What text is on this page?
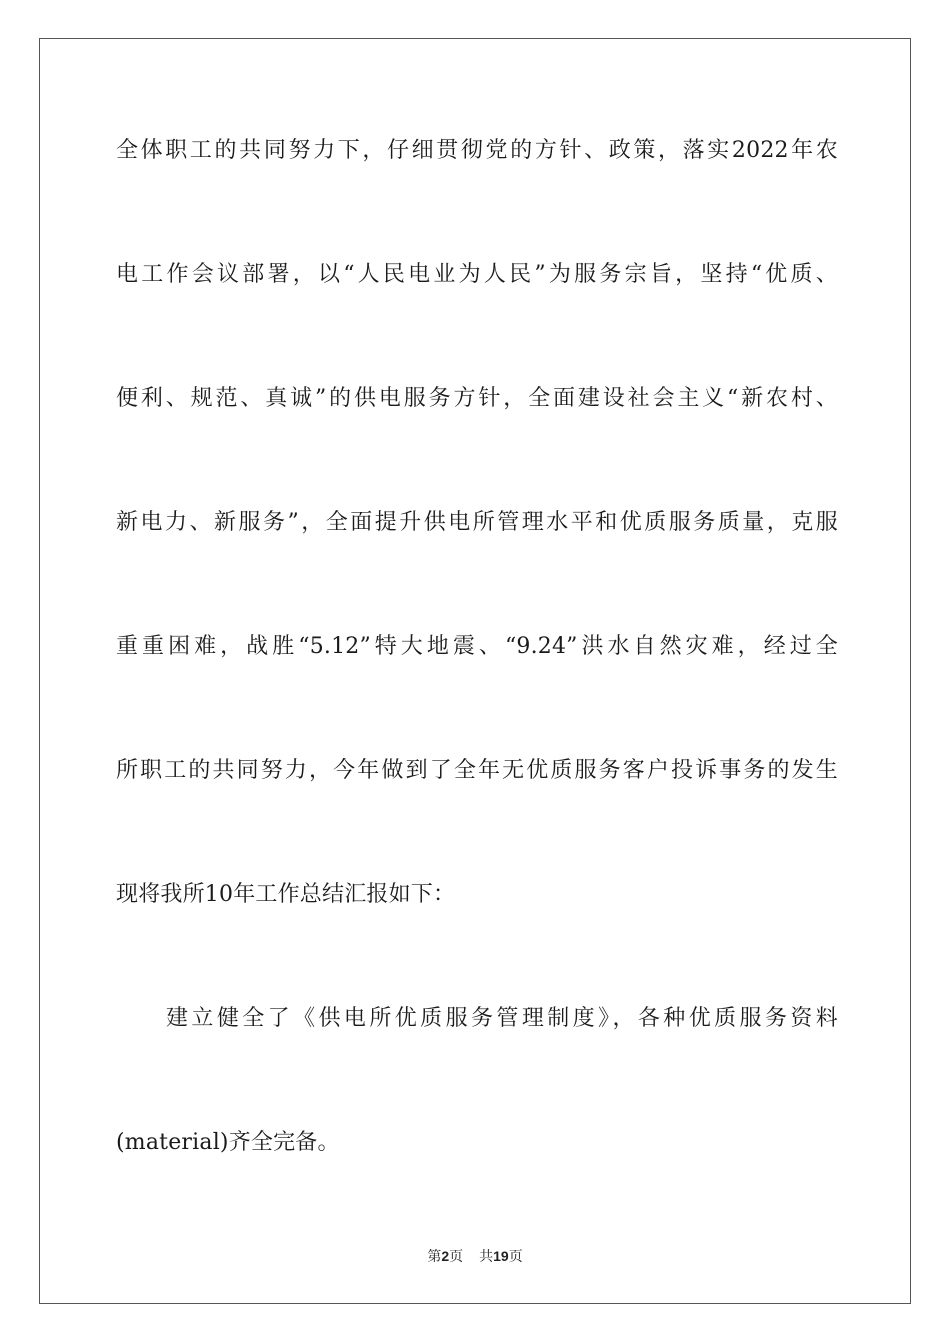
全体职工的共同努力下，仔细贯彻党的方针、政策，落实2022年农
电工作会议部署，以“人民电业为人民”为服务宗旨，坚持“优质、
便利、规范、真诚”的供电服务方针，全面建设社会主义“新农村、
新电力、新服务”，全面提升供电所管理水平和优质服务质量，克服
重重困难，战胜“5.12”特大地震、“9.24”洪水自然灾难，经过全
所职工的共同努力，今年做到了全年无优质服务客户投诉事务的发生
现将我所10年工作总结汇报如下：
建立健全了《供电所优质服务管理制度》，各种优质服务资料
(material)齐全完备。
第2页 共19页
